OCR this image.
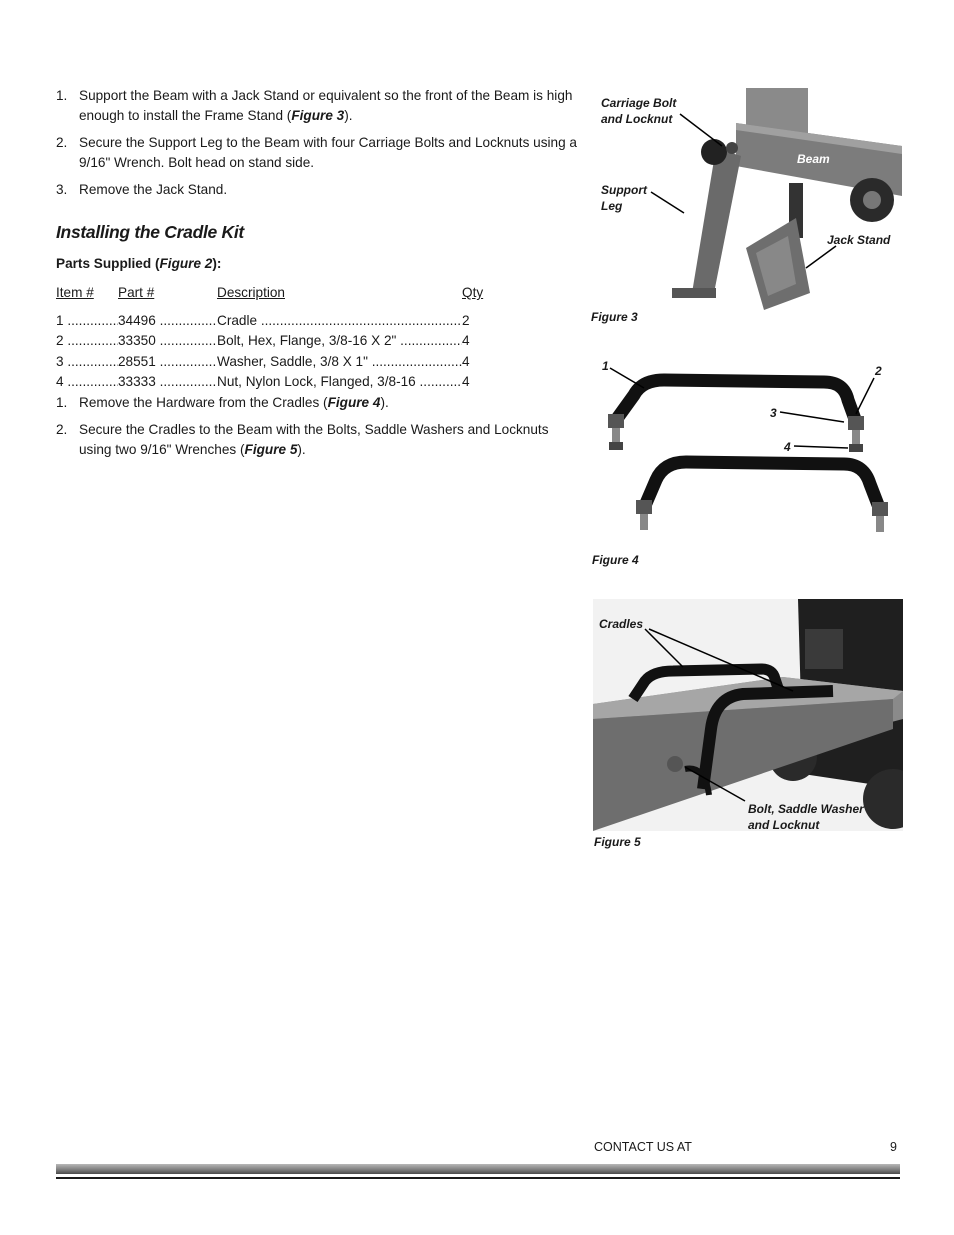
1. Support the Beam with a Jack Stand or equivalent so the front of the Beam is high enough to install the Frame Stand (Figure 3).
2. Secure the Support Leg to the Beam with four Carriage Bolts and Locknuts using a 9/16" Wrench. Bolt head on stand side.
3. Remove the Jack Stand.
Installing the Cradle Kit
Parts Supplied (Figure 2):
Item #	Part #	Description	Qty
1 .....	34496 .....	Cradle .....	2
2 .....	33350 .....	Bolt, Hex, Flange, 3/8-16 X 2" .....	4
3 .....	28551 .....	Washer, Saddle, 3/8 X 1" .....	4
4 .....	33333 .....	Nut, Nylon Lock, Flanged, 3/8-16 .....	4
1. Remove the Hardware from the Cradles (Figure 4).
2. Secure the Cradles to the Beam with the Bolts, Saddle Washers and Locknuts using two 9/16" Wrenches (Figure 5).
Carriage Bolt
and Locknut
Beam
Support
Leg
Jack Stand
Figure 3
1	2
3
4
Figure 4
Cradles
Bolt, Saddle Washer
and Locknut
Figure 5
CONTACT US AT	9
